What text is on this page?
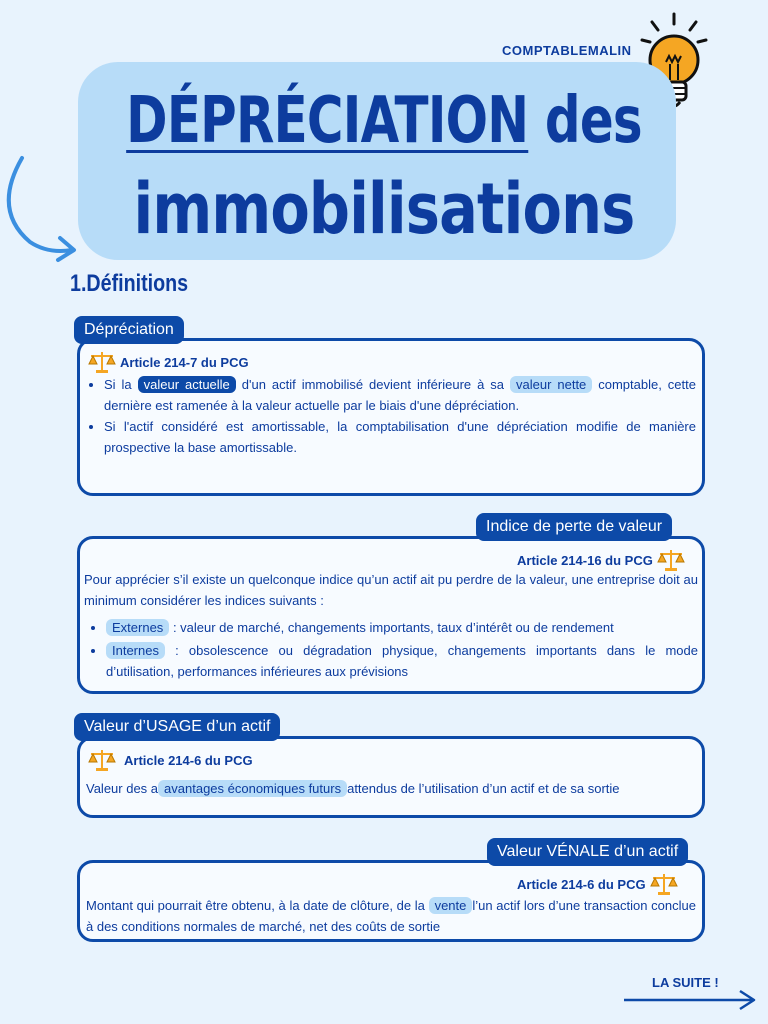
COMPTABLEMALIN
DÉPRÉCIATION des
immobilisations
1.Définitions
Dépréciation
Article 214-7 du PCG
• Si la valeur actuelle d'un actif immobilisé devient inférieure à sa valeur nette comptable, cette dernière est ramenée à la valeur actuelle par le biais d'une dépréciation.
• Si l'actif considéré est amortissable, la comptabilisation d'une dépréciation modifie de manière prospective la base amortissable.
Indice de perte de valeur
Article 214-16 du PCG
Pour apprécier s’il existe un quelconque indice qu’un actif ait pu perdre de la valeur, une entreprise doit au minimum considérer les indices suivants :
• Externes : valeur de marché, changements importants, taux d’intérêt ou de rendement
• Internes : obsolescence ou dégradation physique, changements importants dans le mode d’utilisation, performances inférieures aux prévisions
Valeur d’USAGE d’un actif
Article 214-6 du PCG
Valeur des a avantages économiques futurs attendus de l’utilisation d’un actif et de sa sortie
Valeur VÉNALE d’un actif
Article 214-6 du PCG
Montant qui pourrait être obtenu, à la date de clôture, de la vente l’un actif lors d’une transaction conclue à des conditions normales de marché, net des coûts de sortie
LA SUITE !
